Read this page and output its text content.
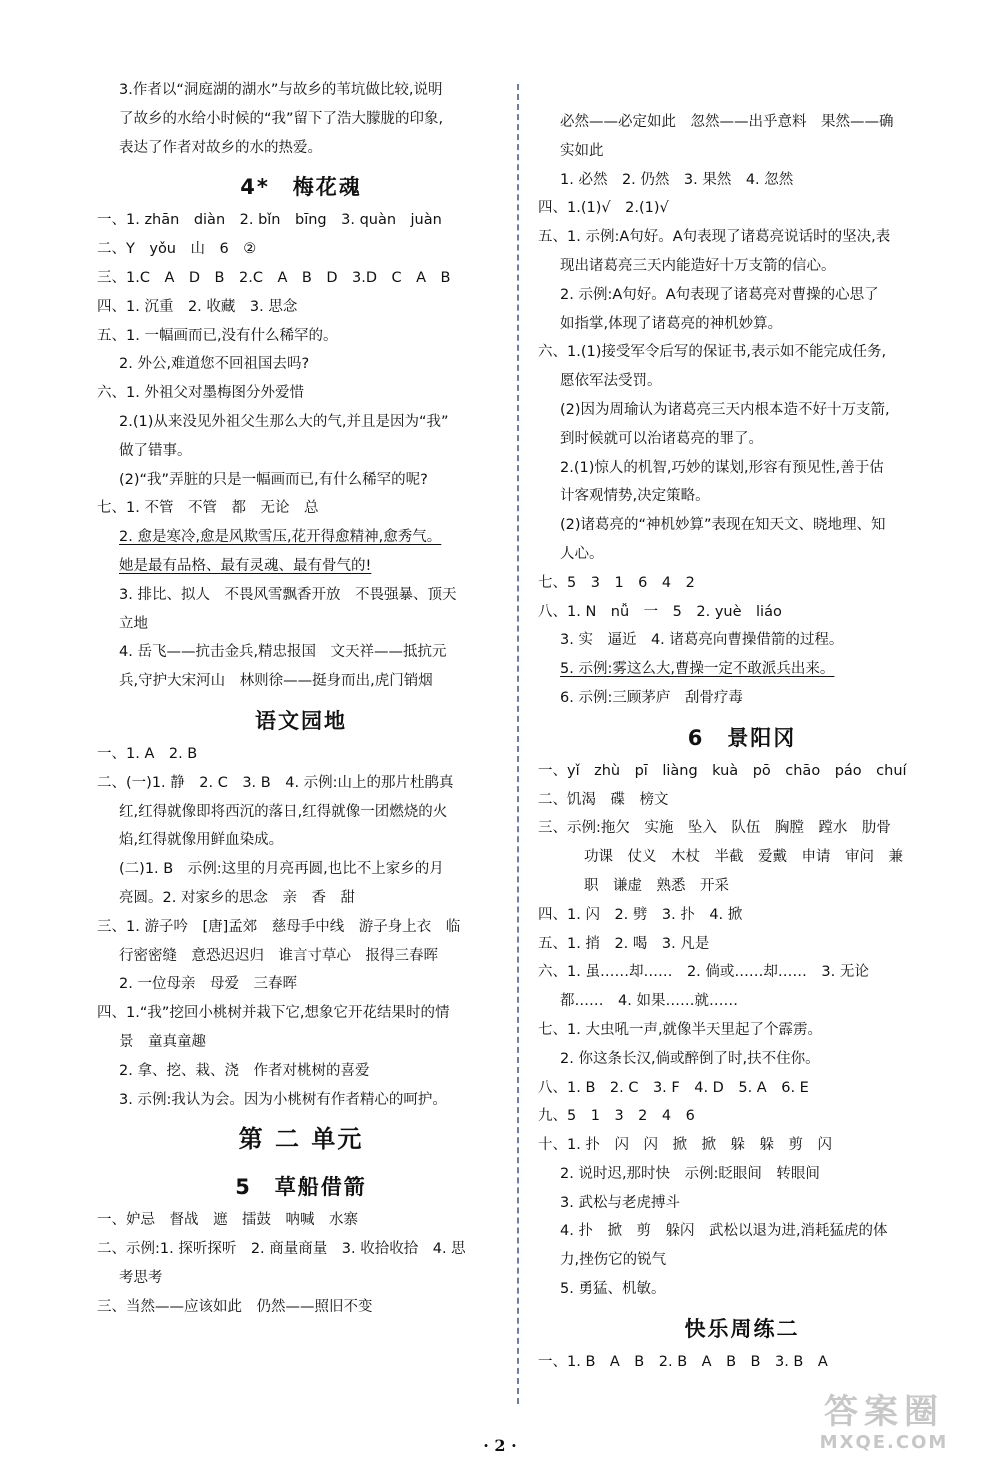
3.作者以“洞庭湖的湖水”与故乡的苇坑做比较,说明
了故乡的水给小时候的“我”留下了浩大朦胧的印象,
表达了作者对故乡的水的热爱。
4*　梅花魂
一、1. zhān　diàn　2. bǐn　bīng　3. quàn　juàn
二、Y　yǒu　山　6　②
三、1.C　A　D　B　2.C　A　B　D　3.D　C　A　B
四、1. 沉重　2. 收藏　3. 思念
五、1. 一幅画而已,没有什么稀罕的。
2. 外公,难道您不回祖国去吗?
六、1. 外祖父对墨梅图分外爱惜
2.(1)从来没见外祖父生那么大的气,并且是因为“我”
做了错事。
(2)“我”弄脏的只是一幅画而已,有什么稀罕的呢?
七、1. 不管　不管　都　无论　总
2. 愈是寒冷,愈是风欺雪压,花开得愈精神,愈秀气。
她是最有品格、最有灵魂、最有骨气的!
3. 排比、拟人　不畏风雪飘香开放　不畏强暴、顶天
立地
4. 岳飞——抗击金兵,精忠报国　文天祥——抵抗元
兵,守护大宋河山　林则徐——挺身而出,虎门销烟
语文园地
一、1. A　2. B
二、(一)1. 静　2. C　3. B　4. 示例:山上的那片杜鹃真
红,红得就像即将西沉的落日,红得就像一团燃烧的火
焰,红得就像用鲜血染成。
(二)1. B　示例:这里的月亮再圆,也比不上家乡的月
亮圆。2. 对家乡的思念　亲　香　甜
三、1. 游子吟　[唐]孟郊　慈母手中线　游子身上衣　临
行密密缝　意恐迟迟归　谁言寸草心　报得三春晖
2. 一位母亲　母爱　三春晖
四、1.“我”挖回小桃树并栽下它,想象它开花结果时的情
景　童真童趣
2. 拿、挖、栽、浇　作者对桃树的喜爱
3. 示例:我认为会。因为小桃树有作者精心的呵护。
第 二 单元
5　草船借箭
一、妒忌　督战　遮　擂鼓　呐喊　水寨
二、示例:1. 探听探听　2. 商量商量　3. 收拾收拾　4. 思
考思考
三、当然——应该如此　仍然——照旧不变
必然——必定如此　忽然——出乎意料　果然——确
实如此
1. 必然　2. 仍然　3. 果然　4. 忽然
四、1.(1)√　2.(1)√
五、1. 示例:A句好。A句表现了诸葛亮说话时的坚决,表
现出诸葛亮三天内能造好十万支箭的信心。
2. 示例:A句好。A句表现了诸葛亮对曹操的心思了
如指掌,体现了诸葛亮的神机妙算。
六、1.(1)接受军令后写的保证书,表示如不能完成任务,
愿依军法受罚。
(2)因为周瑜认为诸葛亮三天内根本造不好十万支箭,
到时候就可以治诸葛亮的罪了。
2.(1)惊人的机智,巧妙的谋划,形容有预见性,善于估
计客观情势,决定策略。
(2)诸葛亮的“神机妙算”表现在知天文、晓地理、知
人心。
七、5　3　1　6　4　2
八、1. N　nǚ　一　5　2. yuè　liáo
3. 实　逼近　4. 诸葛亮向曹操借箭的过程。
5. 示例:雾这么大,曹操一定不敢派兵出来。
6. 示例:三顾茅庐　刮骨疗毒
6　景阳冈
一、yǐ　zhù　pī　liàng　kuà　pō　chāo　páo　chuí
二、饥渴　碟　榜文
三、示例:拖欠　实施　坠入　队伍　胸膛　蹚水　肋骨
功课　仗义　木杖　半截　爱戴　申请　审问　兼
职　谦虚　熟悉　开采
四、1. 闪　2. 劈　3. 扑　4. 掀
五、1. 捎　2. 喝　3. 凡是
六、1. 虽……却……　2. 倘或……却……　3. 无论
都……　4. 如果……就……
七、1. 大虫吼一声,就像半天里起了个霹雳。
2. 你这条长汉,倘或醉倒了时,扶不住你。
八、1. B　2. C　3. F　4. D　5. A　6. E
九、5　1　3　2　4　6
十、1. 扑　闪　闪　掀　掀　躲　躲　剪　闪
2. 说时迟,那时快　示例:眨眼间　转眼间
3. 武松与老虎搏斗
4. 扑　掀　剪　躲闪　武松以退为进,消耗猛虎的体
力,挫伤它的锐气
5. 勇猛、机敏。
快乐周练二
一、1. B　A　B　2. B　A　B　B　3. B　A
· 2 ·
答案圈
MXQE.COM
